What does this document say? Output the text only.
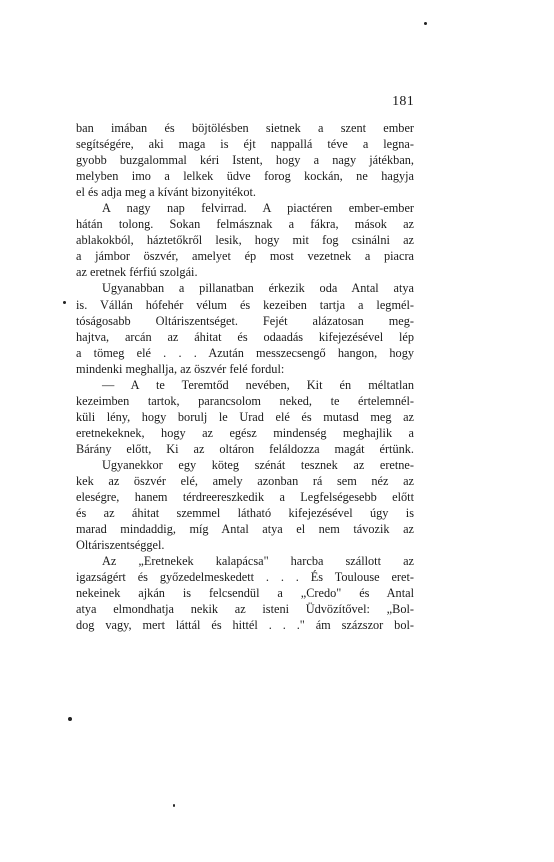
181
ban imában és böjtölésben sietnek a szent ember
segítségére, aki maga is éjt nappallá téve a legna-
gyobb buzgalommal kéri Istent, hogy a nagy játékban,
melyben imo a lelkek üdve forog kockán, ne hagyja
el és adja meg a kívánt bizonyitékot.
A nagy nap felvirrad. A piactéren ember-ember
hátán tolong. Sokan felmásznak a fákra, mások az
ablakokból, háztetőkről lesik, hogy mit fog csinálni az
a jámbor öszvér, amelyet ép most vezetnek a piacra
az eretnek férfiú szolgái.
Ugyanabban a pillanatban érkezik oda Antal atya
is. Vállán hófehér vélum és kezeiben tartja a legmél-
tóságosabb Oltáriszentséget. Fejét alázatosan meg-
hajtva, arcán az áhitat és odaadás kifejezésével lép
a tömeg elé . . . Azután messzecsengő hangon, hogy
mindenki meghallja, az öszvér felé fordul:
— A te Teremtőd nevében, Kit én méltatlan
kezeimben tartok, parancsolom neked, te értelemnél-
küli lény, hogy borulj le Urad elé és mutasd meg az
eretnekeknek, hogy az egész mindenség meghajlik a
Bárány előtt, Ki az oltáron feláldozza magát értünk.
Ugyanekkor egy köteg szénát tesznek az eretne-
kek az öszvér elé, amely azonban rá sem néz az
eleségre, hanem térdreereszkedik a Legfelségesebb előtt
és az áhitat szemmel látható kifejezésével úgy is
marad mindaddig, míg Antal atya el nem távozik az
Oltáriszentséggel.
Az „Eretnekek kalapácsa" harcba szállott az
igazságért és győzedelmeskedett . . . És Toulouse eret-
nekeinek ajkán is felcsendül a „Credo" és Antal
atya elmondhatja nekik az isteni Üdvözítővel: „Bol-
dog vagy, mert láttál és hittél . . ." ám százszor bol-
